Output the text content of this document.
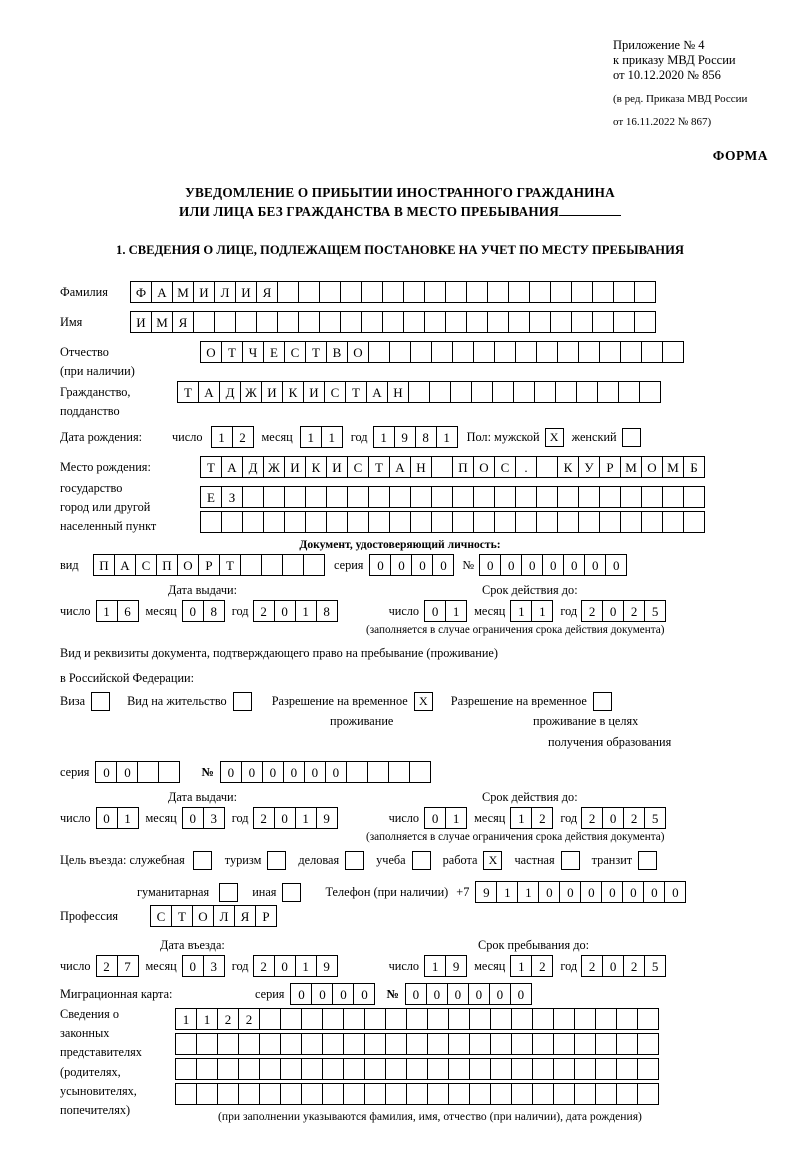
Приложение № 4
к приказу МВД России
от 10.12.2020 № 856
(в ред. Приказа МВД России
от 16.11.2022 № 867)
ФОРМА
УВЕДОМЛЕНИЕ О ПРИБЫТИИ ИНОСТРАННОГО ГРАЖДАНИНА
ИЛИ ЛИЦА БЕЗ ГРАЖДАНСТВА В МЕСТО ПРЕБЫВАНИЯ
1. СВЕДЕНИЯ О ЛИЦЕ, ПОДЛЕЖАЩЕМ ПОСТАНОВКЕ НА УЧЕТ ПО МЕСТУ ПРЕБЫВАНИЯ
Фамилия	Ф А М И Л И Я
Имя	И М Я
Отчество	О Т Ч Е С Т В О
(при наличии)
Гражданство,	Т А Д Ж И К И С Т А Н
подданство
Дата рождения:	число	1	2	месяц	1	1	год 1	9	8	1	Пол: мужской X	женский
Место рождения:	Т А Д Ж И К И С Т А Н	П О С	.	К У Р М О М Б
Е	З
государство
город или другой
населенный пункт
Документ, удостоверяющий личность:
вид	П А С П О Р	Т	серия	0	0	0	0	№ 0	0	0	0	0	0	0
Дата выдачи:	Срок действия до:
число 1	6	месяц 0	8	год 2	0	1	8	число 0	1	месяц 1	1	год 2	0	2	5
(заполняется в случае ограничения срока действия документа)
Вид и реквизиты документа, подтверждающего право на пребывание (проживание)
в Российской Федерации:
Виза	Вид на жительство	Разрешение на временное X	Разрешение на временное
проживание	проживание в целях
получения образования
серия	0	0	№	0	0	0	0	0	0
Дата выдачи:	Срок действия до:
число 0	1	месяц 0	3	год 2	0	1	9	число 0	1	месяц 1	2	год 2	0	2	5
(заполняется в случае ограничения срока действия документа)
Цель въезда: служебная	туризм	деловая	учеба	работа X	частная	транзит
гуманитарная	иная	Телефон (при наличии) +7	9	1	1	0	0	0	0	0	0	0
Профессия	С Т О Л Я	Р
Дата въезда:	Срок пребывания до:
число 2	7	месяц 0	3	год 2	0	1	9	число 1	9	месяц 1	2	год 2	0	2	5
Миграционная карта:	серия	0	0	0	0	№	0	0	0	0	0	0
Сведения о
законных
представителях
(родителях,
усыновителях,
попечителях)
1	1	2	2
(при заполнении указываются фамилия, имя, отчество (при наличии), дата рождения)
